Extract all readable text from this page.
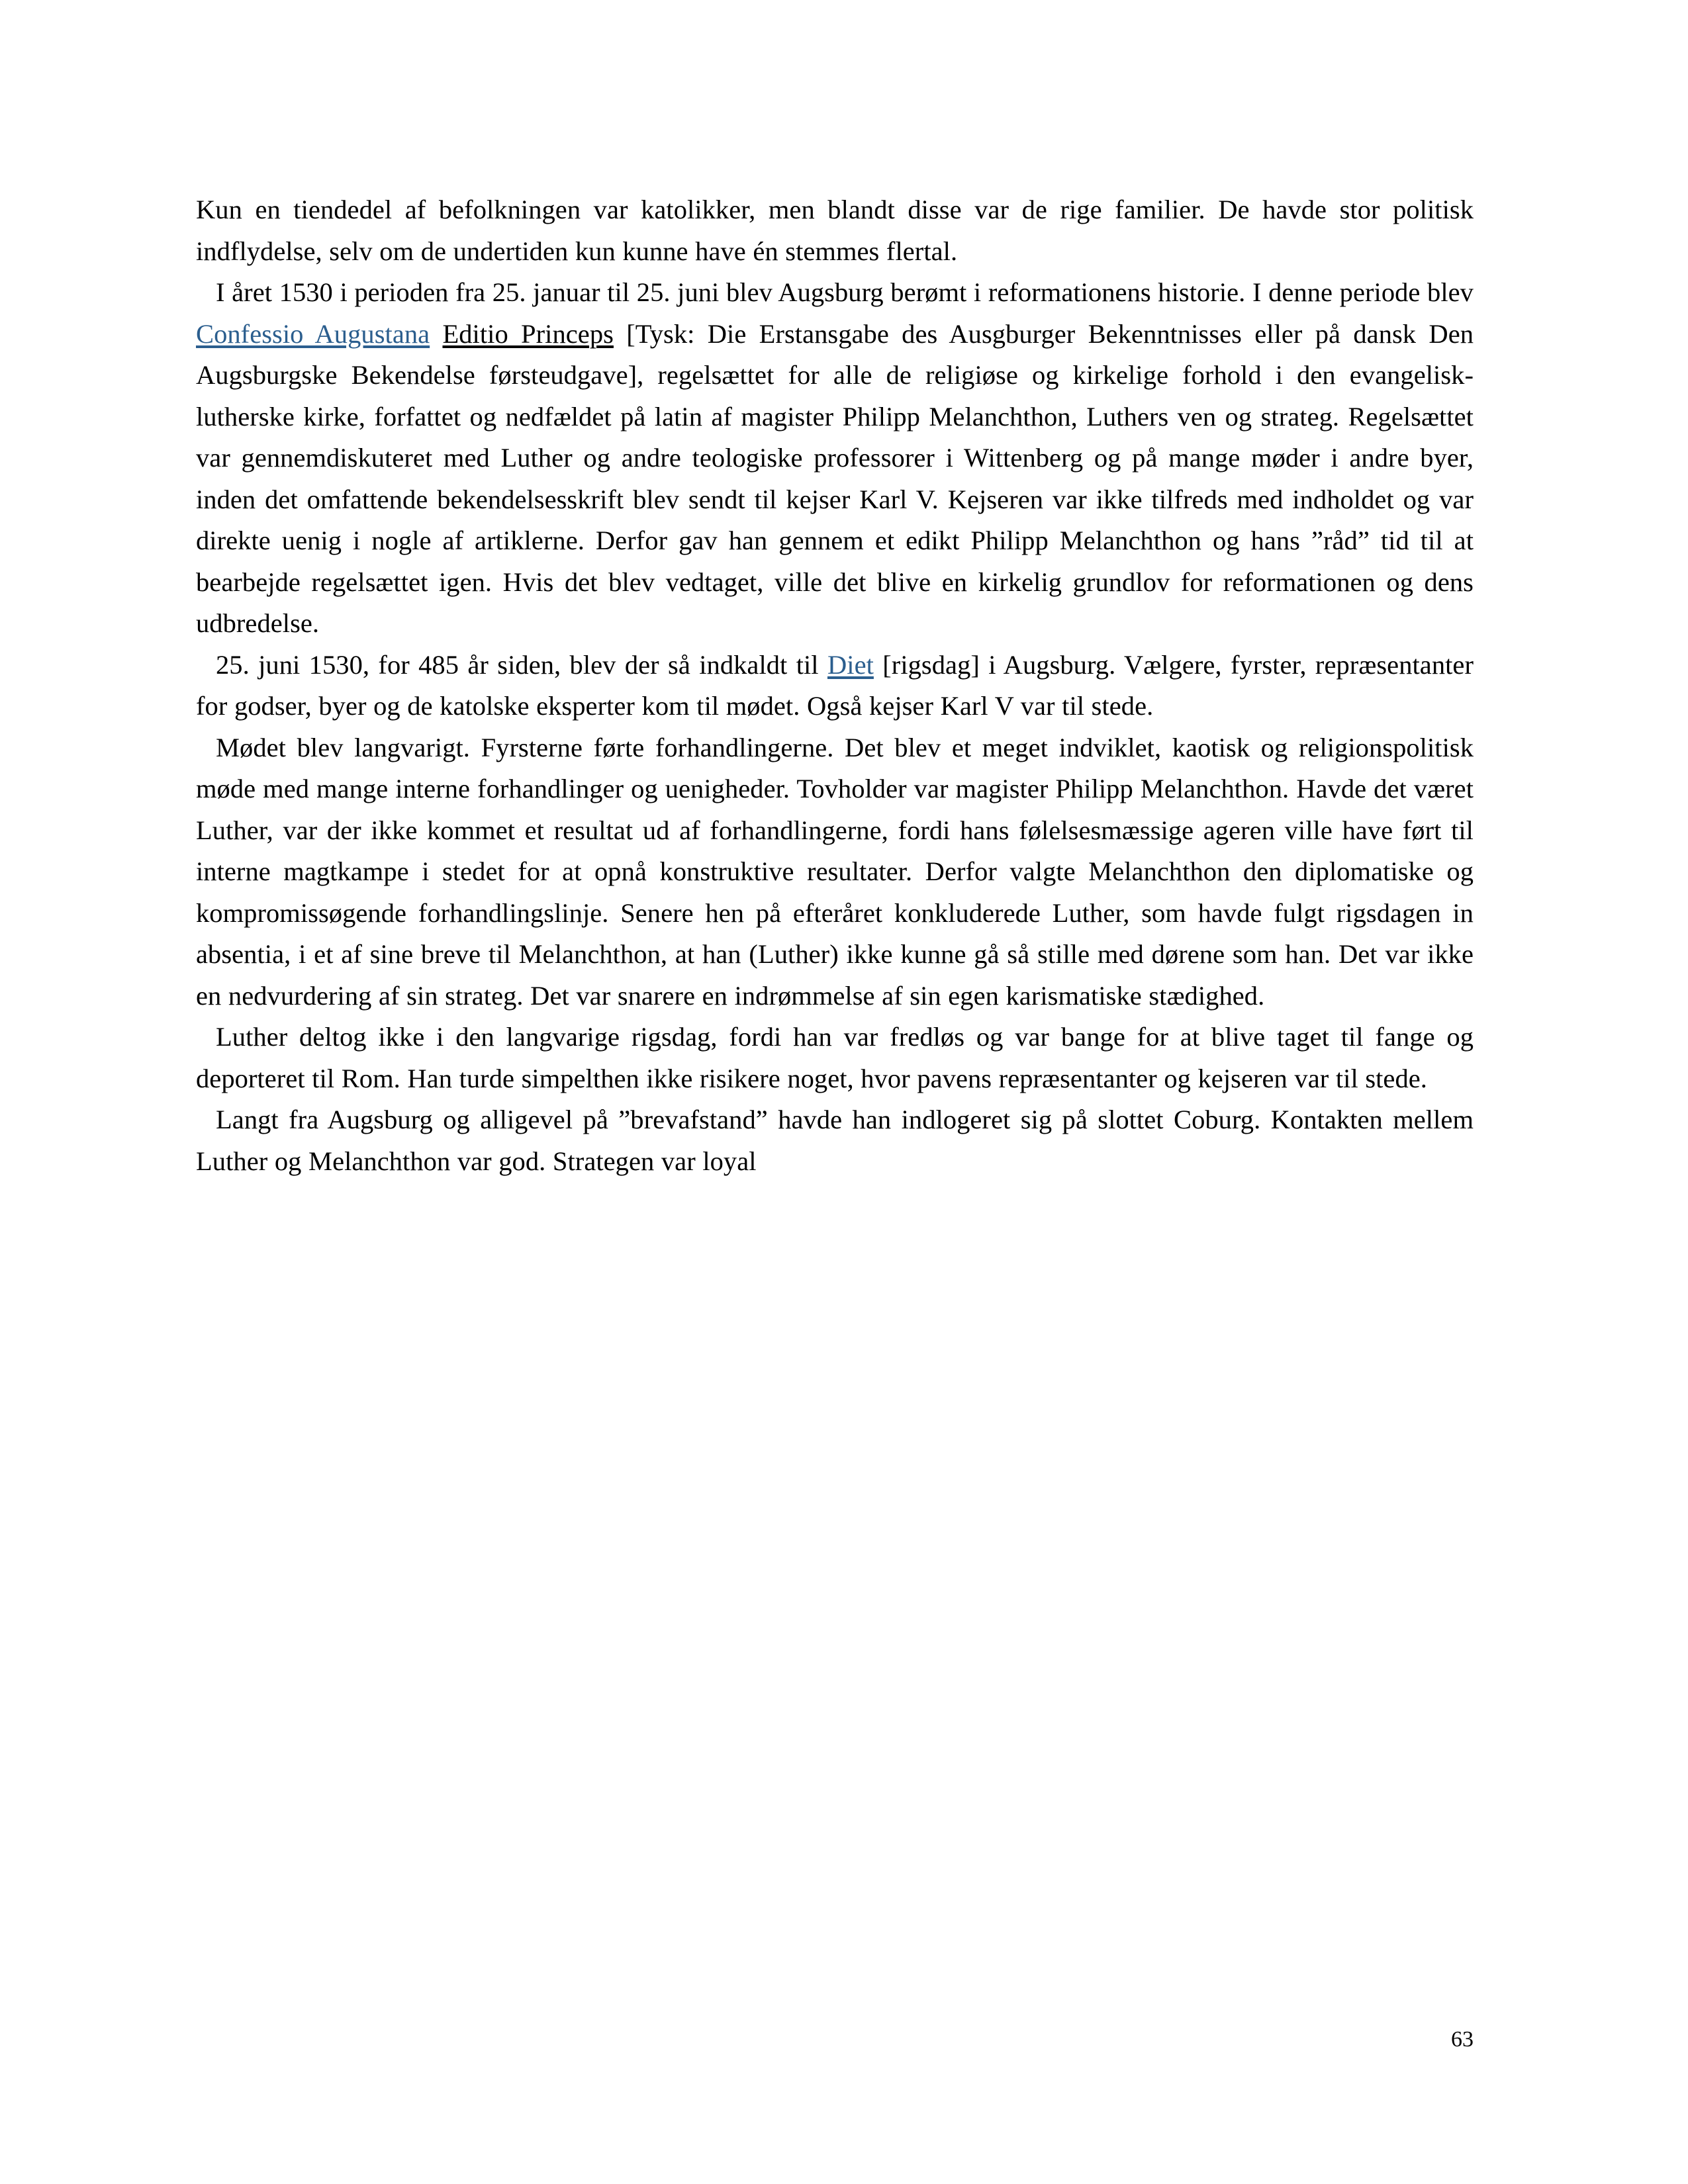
Kun en tiendedel af befolkningen var katolikker, men blandt disse var de rige familier. De havde stor politisk indflydelse, selv om de undertiden kun kunne have én stemmes flertal.

I året 1530 i perioden fra 25. januar til 25. juni blev Augsburg berømt i reformationens historie. I denne periode blev Confessio Augustana Editio Princeps [Tysk: Die Erstansgabe des Ausgburger Bekenntnisses eller på dansk Den Augsburgske Bekendelse førsteudgave], regelsættet for alle de religiøse og kirkelige forhold i den evangelisk-lutherske kirke, forfattet og nedfældet på latin af magister Philipp Melanchthon, Luthers ven og strateg. Regelsættet var gennemdiskuteret med Luther og andre teologiske professorer i Wittenberg og på mange møder i andre byer, inden det omfattende bekendelsesskrift blev sendt til kejser Karl V. Kejseren var ikke tilfreds med indholdet og var direkte uenig i nogle af artiklerne. Derfor gav han gennem et edikt Philipp Melanchthon og hans ”råd” tid til at bearbejde regelsættet igen. Hvis det blev vedtaget, ville det blive en kirkelig grundlov for reformationen og dens udbredelse.

25. juni 1530, for 485 år siden, blev der så indkaldt til Diet [rigsdag] i Augsburg. Vælgere, fyrster, repræsentanter for godser, byer og de katolske eksperter kom til mødet. Også kejser Karl V var til stede.

Mødet blev langvarigt. Fyrsterne førte forhandlingerne. Det blev et meget indviklet, kaotisk og religionspolitisk møde med mange interne forhandlinger og uenigheder. Tovholder var magister Philipp Melanchthon. Havde det været Luther, var der ikke kommet et resultat ud af forhandlingerne, fordi hans følelsesmæssige ageren ville have ført til interne magtkampe i stedet for at opnå konstruktive resultater. Derfor valgte Melanchthon den diplomatiske og kompromissøgende forhandlingslinje. Senere hen på efteråret konkluderede Luther, som havde fulgt rigsdagen in absentia, i et af sine breve til Melanchthon, at han (Luther) ikke kunne gå så stille med dørene som han. Det var ikke en nedvurdering af sin strateg. Det var snarere en indrømmelse af sin egen karismatiske stædighed.

Luther deltog ikke i den langvarige rigsdag, fordi han var fredløs og var bange for at blive taget til fange og deporteret til Rom. Han turde simpelthen ikke risikere noget, hvor pavens repræsentanter og kejseren var til stede.

Langt fra Augsburg og alligevel på ”brevafstand” havde han indlogeret sig på slottet Coburg. Kontakten mellem Luther og Melanchthon var god. Strategen var loyal

63
